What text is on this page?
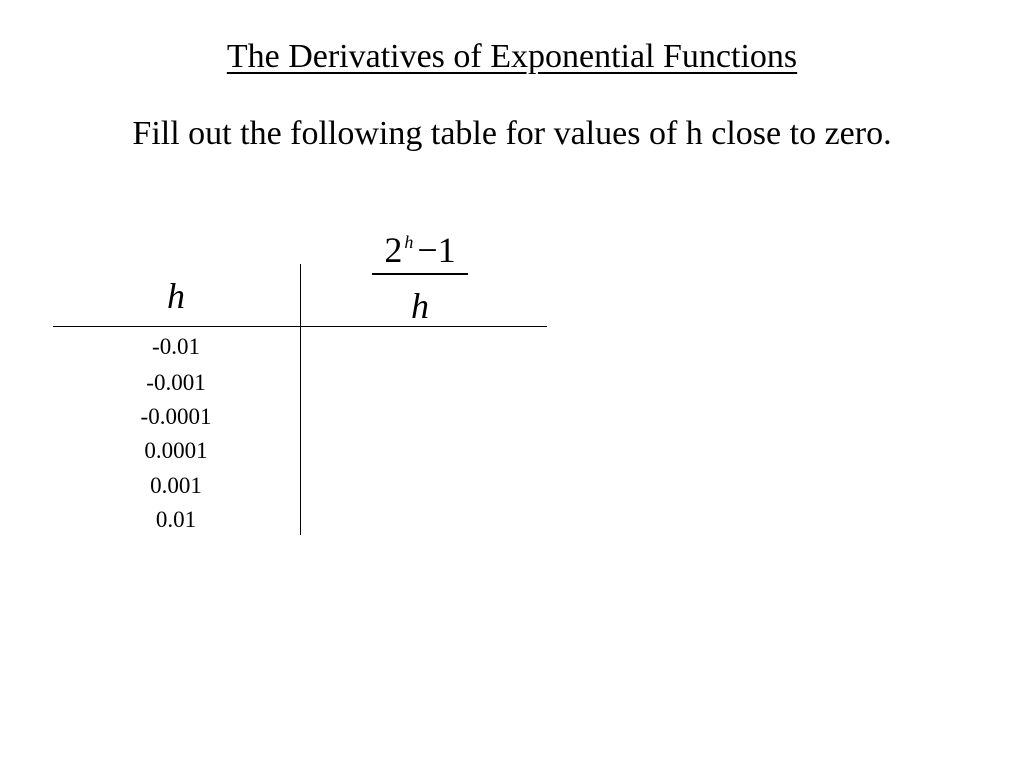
The Derivatives of Exponential Functions
Fill out the following table for values of h close to zero.
2 $^h$ −1
h
h
-0.01
-0.001
-0.0001
0.0001
0.001
0.01
